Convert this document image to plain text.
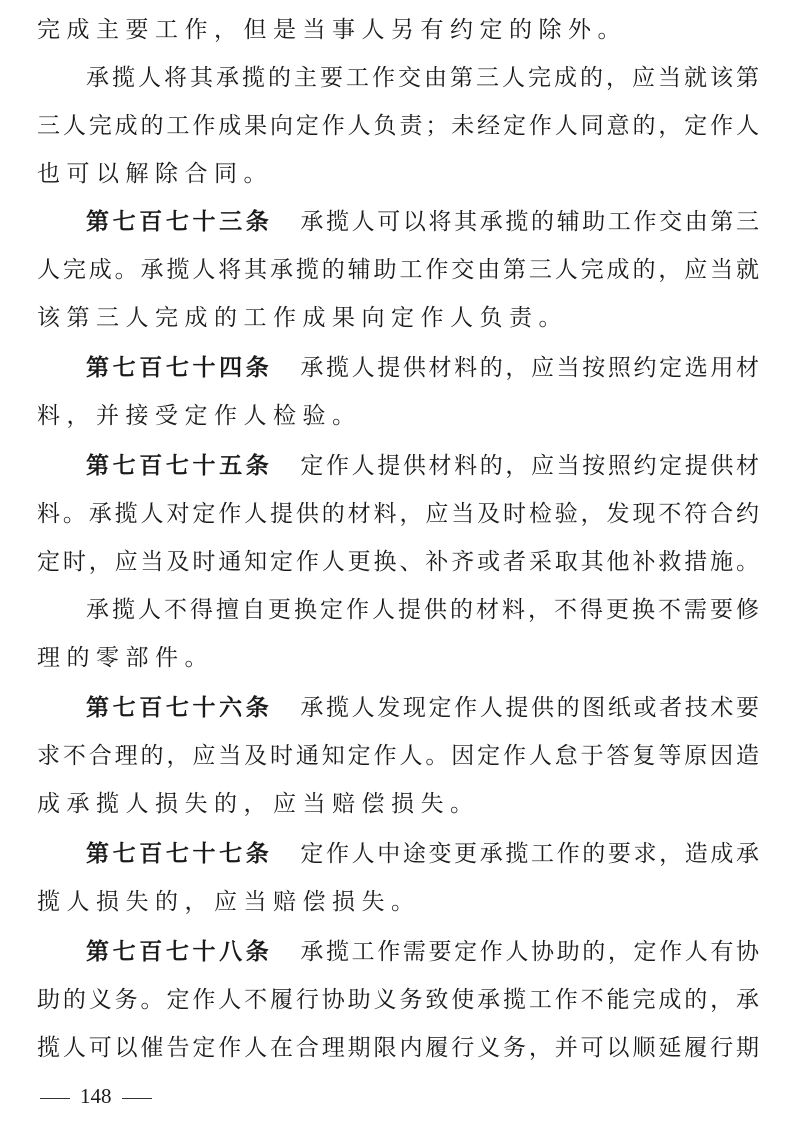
完成主要工作，但是当事人另有约定的除外。
承揽人将其承揽的主要工作交由第三人完成的，应当就该第
三人完成的工作成果向定作人负责；未经定作人同意的，定作人
也可以解除合同。
第七百七十三条 承揽人可以将其承揽的辅助工作交由第三
人完成。承揽人将其承揽的辅助工作交由第三人完成的，应当就
该第三人完成的工作成果向定作人负责。
第七百七十四条 承揽人提供材料的，应当按照约定选用材
料，并接受定作人检验。
第七百七十五条 定作人提供材料的，应当按照约定提供材
料。承揽人对定作人提供的材料，应当及时检验，发现不符合约
定时，应当及时通知定作人更换、补齐或者采取其他补救措施。
承揽人不得擅自更换定作人提供的材料，不得更换不需要修
理的零部件。
第七百七十六条 承揽人发现定作人提供的图纸或者技术要
求不合理的，应当及时通知定作人。因定作人怠于答复等原因造
成承揽人损失的，应当赔偿损失。
第七百七十七条 定作人中途变更承揽工作的要求，造成承
揽人损失的，应当赔偿损失。
第七百七十八条 承揽工作需要定作人协助的，定作人有协
助的义务。定作人不履行协助义务致使承揽工作不能完成的，承
揽人可以催告定作人在合理期限内履行义务，并可以顺延履行期
148
